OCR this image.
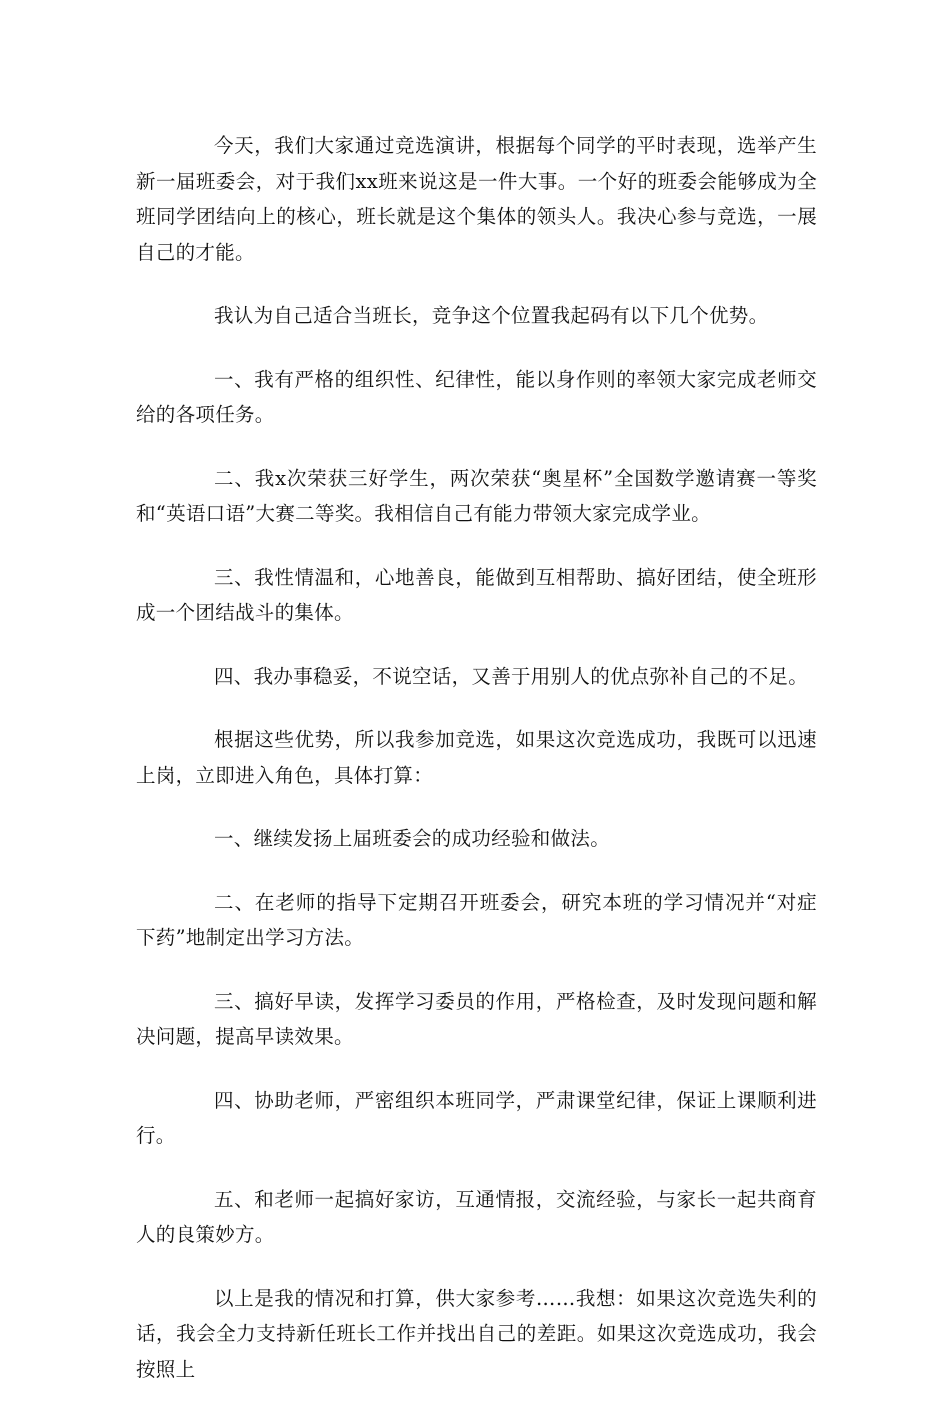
今天，我们大家通过竞选演讲，根据每个同学的平时表现，选举产生新一届班委会，对于我们xx班来说这是一件大事。一个好的班委会能够成为全班同学团结向上的核心，班长就是这个集体的领头人。我决心参与竞选，一展自己的才能。

我认为自己适合当班长，竞争这个位置我起码有以下几个优势。

一、我有严格的组织性、纪律性，能以身作则的率领大家完成老师交给的各项任务。

二、我x次荣获三好学生，两次荣获“奥星杯”全国数学邀请赛一等奖和“英语口语”大赛二等奖。我相信自己有能力带领大家完成学业。

三、我性情温和，心地善良，能做到互相帮助、搞好团结，使全班形成一个团结战斗的集体。

四、我办事稳妥，不说空话，又善于用别人的优点弥补自己的不足。

根据这些优势，所以我参加竞选，如果这次竞选成功，我既可以迅速上岗，立即进入角色，具体打算：

一、继续发扬上届班委会的成功经验和做法。

二、在老师的指导下定期召开班委会，研究本班的学习情况并“对症下药”地制定出学习方法。

三、搞好早读，发挥学习委员的作用，严格检查，及时发现问题和解决问题，提高早读效果。

四、协助老师，严密组织本班同学，严肃课堂纪律，保证上课顺利进行。

五、和老师一起搞好家访，互通情报，交流经验，与家长一起共商育人的良策妙方。

以上是我的情况和打算，供大家参考……我想：如果这次竞选失利的话，我会全力支持新任班长工作并找出自己的差距。如果这次竞选成功，我会按照上
